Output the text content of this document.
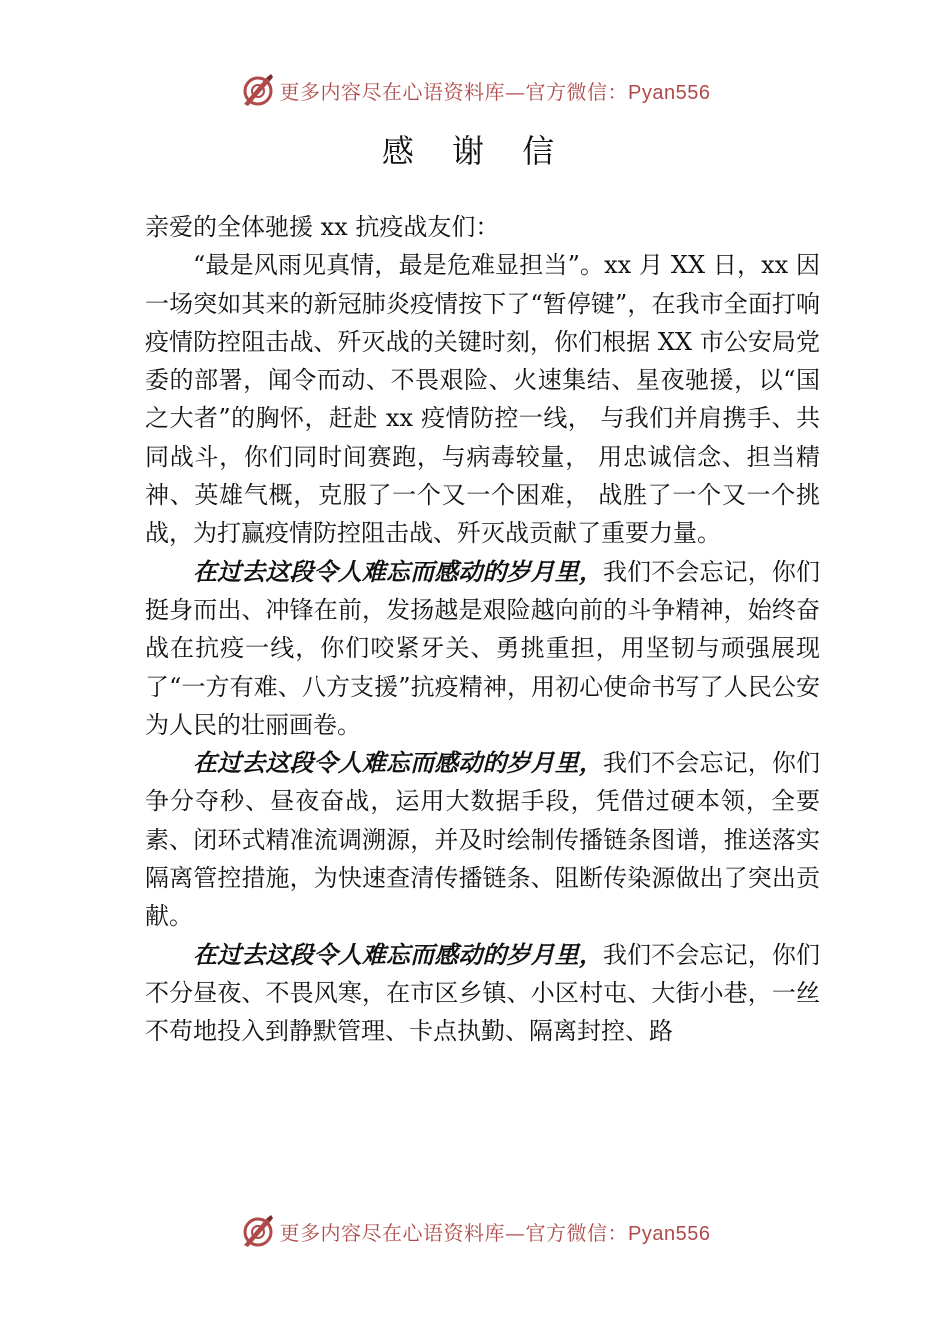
更多内容尽在心语资料库—官方微信：Pyan556
感 谢 信

亲爱的全体驰援 xx 抗疫战友们：

“最是风雨见真情，最是危难显担当”。xx 月 XX 日，xx 因一场突如其来的新冠肺炎疫情按下了“暂停键”，在我市全面打响疫情防控阻击战、歼灭战的关键时刻，你们根据 XX 市公安局党委的部署，闻令而动、不畏艰险、火速集结、星夜驰援，以“国之大者”的胸怀，赶赴 xx 疫情防控一线， 与我们并肩携手、共同战斗，你们同时间赛跑，与病毒较量， 用忠诚信念、担当精神、英雄气概，克服了一个又一个困难， 战胜了一个又一个挑战，为打赢疫情防控阻击战、歼灭战贡献了重要力量。

在过去这段令人难忘而感动的岁月里，我们不会忘记，你们挺身而出、冲锋在前，发扬越是艰险越向前的斗争精神，始终奋战在抗疫一线，你们咬紧牙关、勇挑重担，用坚韧与顽强展现了“一方有难、八方支援”抗疫精神，用初心使命书写了人民公安为人民的壮丽画卷。

在过去这段令人难忘而感动的岁月里，我们不会忘记，你们争分夺秒、昼夜奋战，运用大数据手段，凭借过硬本领，全要素、闭环式精准流调溯源，并及时绘制传播链条图谱，推送落实隔离管控措施，为快速查清传播链条、阻断传染源做出了突出贡献。

在过去这段令人难忘而感动的岁月里，我们不会忘记，你们不分昼夜、不畏风寒，在市区乡镇、小区村屯、大街小巷，一丝不苟地投入到静默管理、卡点执勤、隔离封控、路

更多内容尽在心语资料库—官方微信：Pyan556
